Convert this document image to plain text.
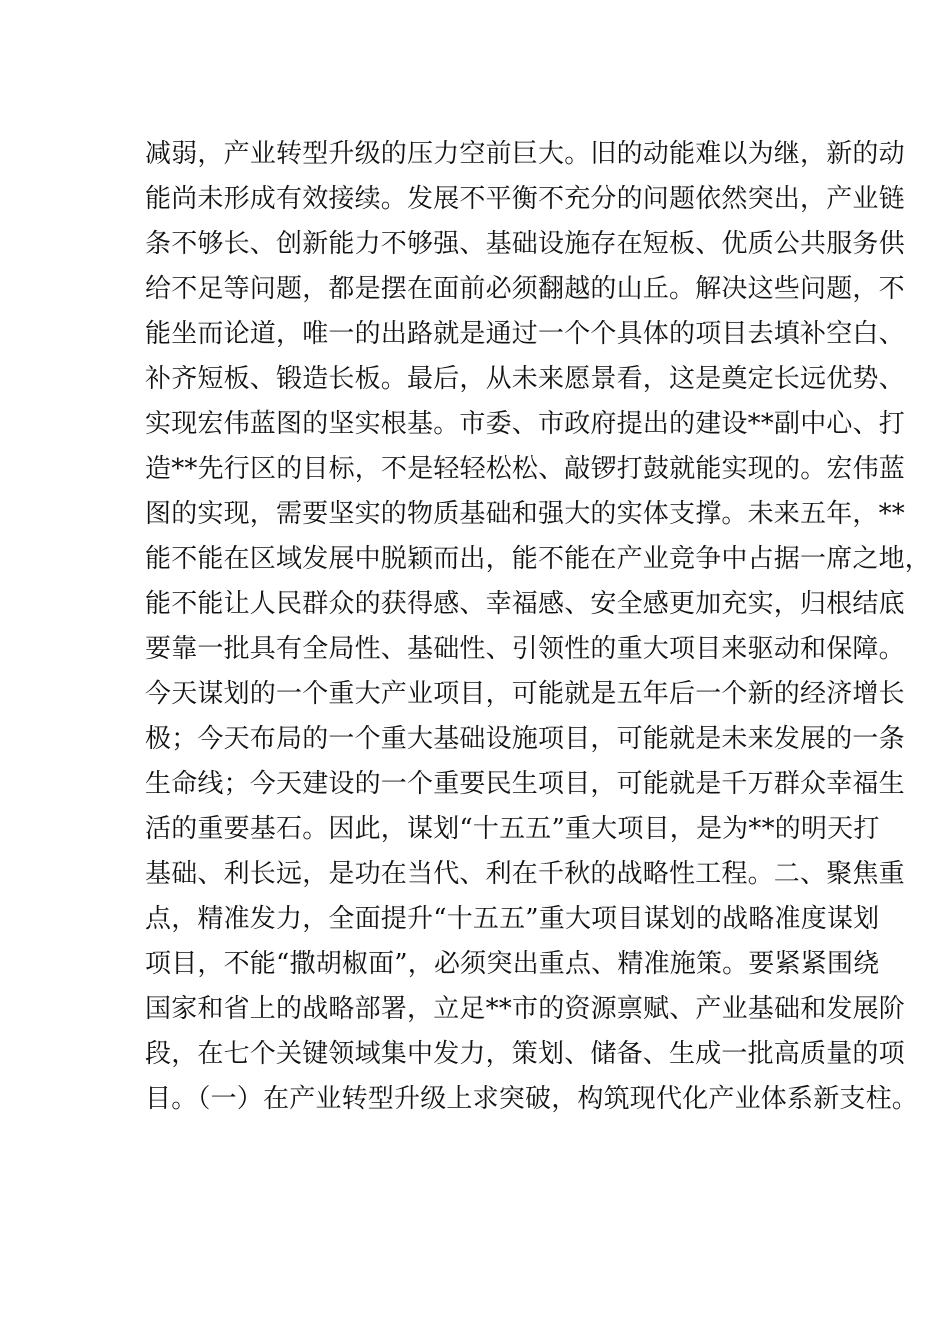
减弱，产业转型升级的压力空前巨大。旧的动能难以为继，新的动
能尚未形成有效接续。发展不平衡不充分的问题依然突出，产业链
条不够长、创新能力不够强、基础设施存在短板、优质公共服务供
给不足等问题，都是摆在面前必须翻越的山丘。解决这些问题，不
能坐而论道，唯一的出路就是通过一个个具体的项目去填补空白、
补齐短板、锻造长板。最后，从未来愿景看，这是奠定长远优势、
实现宏伟蓝图的坚实根基。市委、市政府提出的建设**副中心、打
造**先行区的目标，不是轻轻松松、敲锣打鼓就能实现的。宏伟蓝
图的实现，需要坚实的物质基础和强大的实体支撑。未来五年，**
能不能在区域发展中脱颖而出，能不能在产业竞争中占据一席之地，
能不能让人民群众的获得感、幸福感、安全感更加充实，归根结底
要靠一批具有全局性、基础性、引领性的重大项目来驱动和保障。
今天谋划的一个重大产业项目，可能就是五年后一个新的经济增长
极；今天布局的一个重大基础设施项目，可能就是未来发展的一条
生命线；今天建设的一个重要民生项目，可能就是千万群众幸福生
活的重要基石。因此，谋划“十五五”重大项目，是为**的明天打
基础、利长远，是功在当代、利在千秋的战略性工程。二、聚焦重
点，精准发力，全面提升“十五五”重大项目谋划的战略准度谋划
项目，不能“撒胡椒面”，必须突出重点、精准施策。要紧紧围绕
国家和省上的战略部署，立足**市的资源禀赋、产业基础和发展阶
段，在七个关键领域集中发力，策划、储备、生成一批高质量的项
目。（一）在产业转型升级上求突破，构筑现代化产业体系新支柱。
